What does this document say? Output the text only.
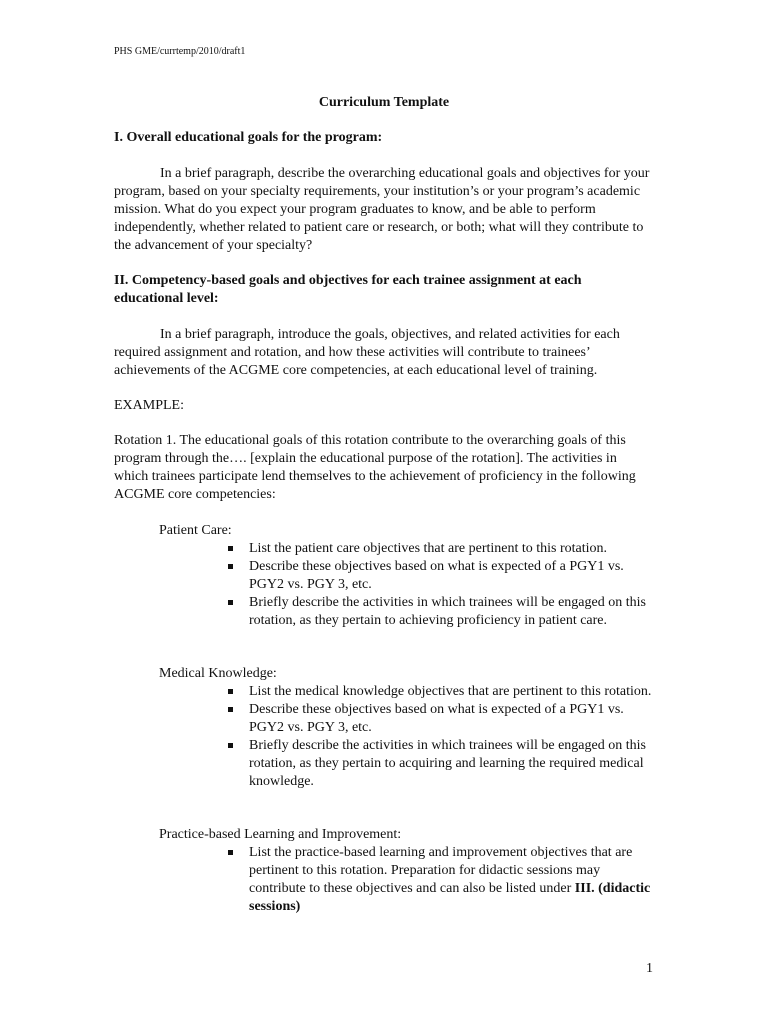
PHS GME/currtemp/2010/draft1
Curriculum Template
I. Overall educational goals for the program:
In a brief paragraph, describe the overarching educational goals and objectives for your program, based on your specialty requirements, your institution’s or your program’s academic mission. What do you expect your program graduates to know, and be able to perform independently, whether related to patient care or research, or both; what will they contribute to the advancement of your specialty?
II. Competency-based goals and objectives for each trainee assignment at each educational level:
In a brief paragraph, introduce the goals, objectives, and related activities for each required assignment and rotation, and how these activities will contribute to trainees’ achievements of the ACGME core competencies, at each educational level of training.
EXAMPLE:
Rotation 1. The educational goals of this rotation contribute to the overarching goals of this program through the…. [explain the educational purpose of the rotation]. The activities in which trainees participate lend themselves to the achievement of proficiency in the following ACGME core competencies:
Patient Care:
List the patient care objectives that are pertinent to this rotation.
Describe these objectives based on what is expected of a PGY1 vs. PGY2 vs. PGY 3, etc.
Briefly describe the activities in which trainees will be engaged on this rotation, as they pertain to achieving proficiency in patient care.
Medical Knowledge:
List the medical knowledge objectives that are pertinent to this rotation.
Describe these objectives based on what is expected of a PGY1 vs. PGY2 vs. PGY 3, etc.
Briefly describe the activities in which trainees will be engaged on this rotation, as they pertain to acquiring and learning the required medical knowledge.
Practice-based Learning and Improvement:
List the practice-based learning and improvement objectives that are pertinent to this rotation. Preparation for didactic sessions may contribute to these objectives and can also be listed under III. (didactic sessions)
1
